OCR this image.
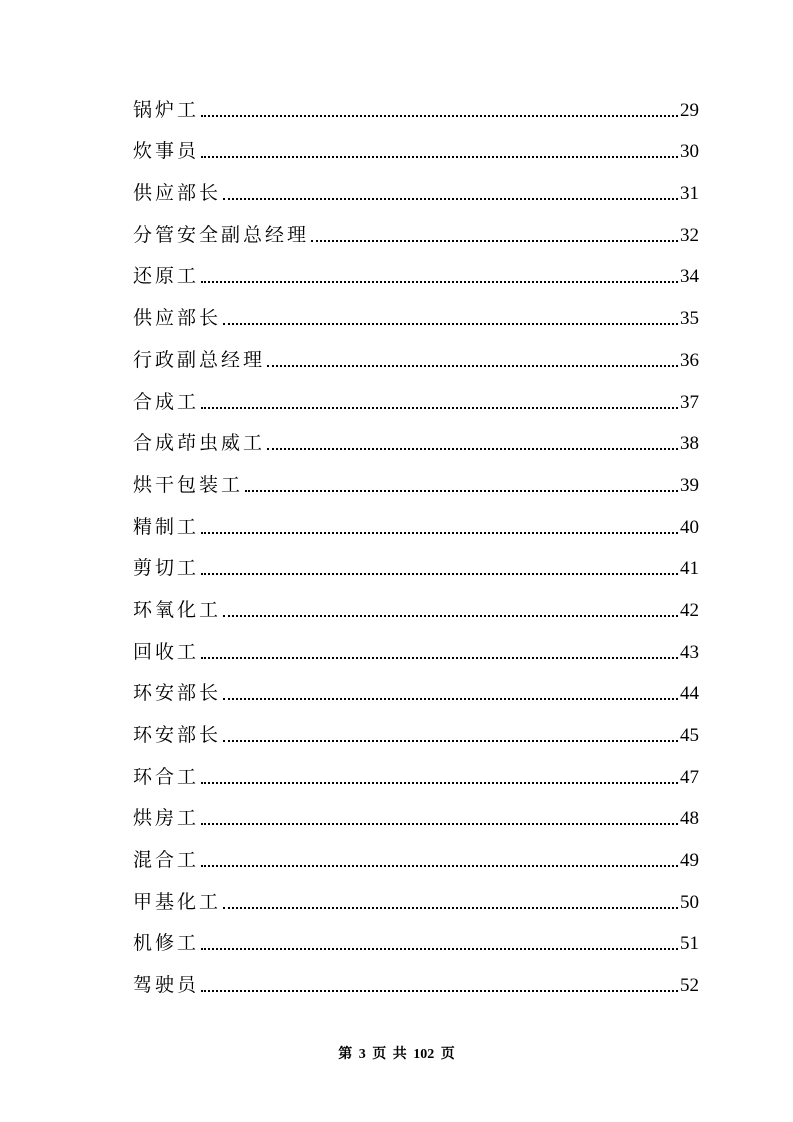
锅炉工	29
炊事员	30
供应部长	31
分管安全副总经理	32
还原工	34
供应部长	35
行政副总经理	36
合成工	37
合成茚虫威工	38
烘干包装工	39
精制工	40
剪切工	41
环氧化工	42
回收工	43
环安部长	44
环安部长	45
环合工	47
烘房工	48
混合工	49
甲基化工	50
机修工	51
驾驶员	52
第 3 页 共 102 页
